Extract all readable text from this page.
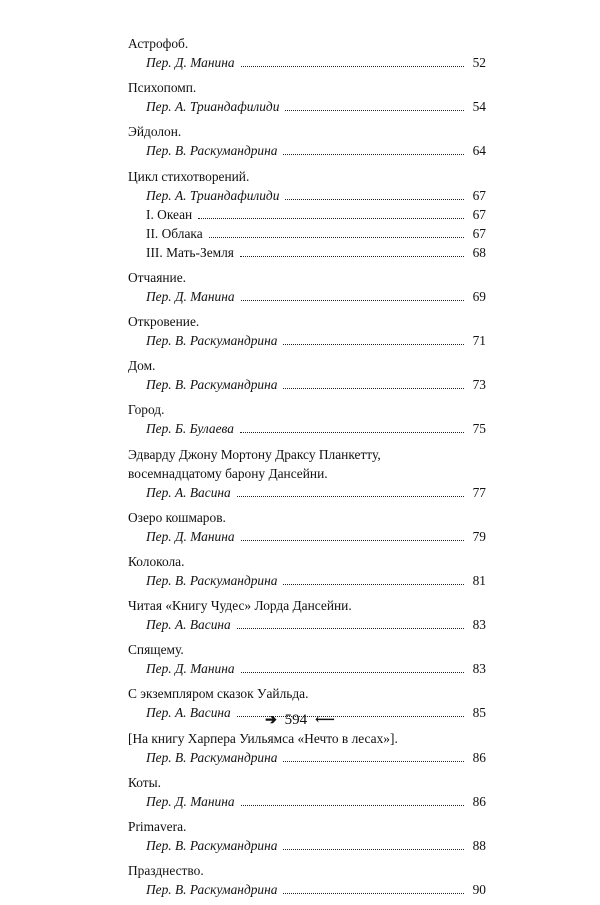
Астрофоб.
Пер. Д. Манина	52
Психопомп.
Пер. А. Триандафилиди	54
Эйдолон.
Пер. В. Раскумандрина	64
Цикл стихотворений.
Пер. А. Триандафилиди	67
I. Океан	67
II. Облака	67
III. Мать-Земля	68
Отчаяние.
Пер. Д. Манина	69
Откровение.
Пер. В. Раскумандрина	71
Дом.
Пер. В. Раскумандрина	73
Город.
Пер. Б. Булаева	75
Эдварду Джону Мортону Драксу Планкетту,
восемнадцатому барону Дансейни.
Пер. А. Васина	77
Озеро кошмаров.
Пер. Д. Манина	79
Колокола.
Пер. В. Раскумандрина	81
Читая «Книгу Чудес» Лорда Дансейни.
Пер. А. Васина	83
Спящему.
Пер. Д. Манина	83
С экземпляром сказок Уайльда.
Пер. А. Васина	85
[На книгу Харпера Уильямса «Нечто в лесах»].
Пер. В. Раскумандрина	86
Коты.
Пер. Д. Манина	86
Primavera.
Пер. В. Раскумандрина	88
Празднество.
Пер. В. Раскумандрина	90
➔ 594 ⟵
